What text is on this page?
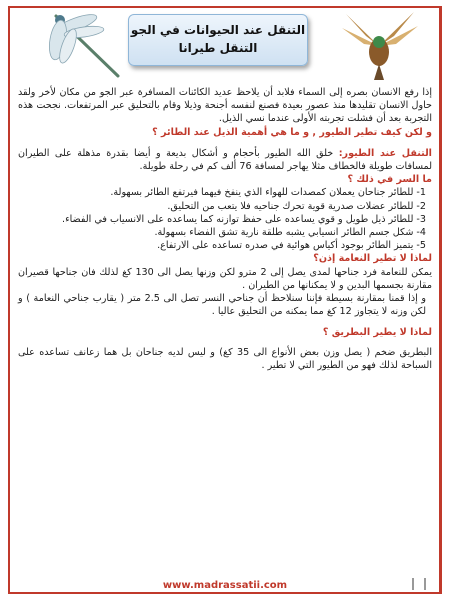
التنقل عند الحيوانات في الجو
التنقل طيرانا

إذا رفع الانسان بصره إلى السماء فلابد أن يلاحظ عديد الكائنات المسافرة عبر الجو من مكان لأخر ولقد حاول الانسان تقليدها منذ عصور بعيدة فصنع لنفسه أجنحة وذيلا وقام بالتحليق عبر المرتفعات. نجحت هذه التجربة بعد أن فشلت تجربته الأولى عندما نسي الذيل.

و لكن كيف تطير الطيور , و ما هي أهمية الذيل عند الطائر ؟

التنقل عند الطيور: خلق الله الطيور بأحجام و أشكال بديعة و أيضا بقدرة مذهلة على الطيران لمسافات طويلة فالخطاف مثلا يهاجر لمسافة 76 ألف كم في رحلة طويلة.

ما السر في ذلك ؟

1- للطائر جناحان يعملان كمصدات للهواء الذي ينفخ فيهما فيرتفع الطائر بسهولة.

2- للطائر عضلات صدرية قوية تحرك جناحيه فلا يتعب من التحليق.

3- للطائر ذيل طويل و قوي يساعده على حفظ توازنه كما يساعده على الانسياب في الفضاء.

4- شكل جسم الطائر انسيابي يشبه طلقة نارية تشق الفضاء بسهولة.

5- يتميز الطائر بوجود أكياس هوائية في صدره تساعده على الارتفاع.

لماذا لا تطير النعامة إذن؟

يمكن للنعامة فرد جناحها لمدى يصل إلى 2 مترو لكن وزنها يصل الى 130 كغ لذلك فان جناحها قصيران مقارنة بجسمها البدين و لا يمكنانها من الطيران .

و إذا قمنا بمقارنة بسيطة فإننا سنلاحظ أن جناحي النسر تصل الى 2.5 متر ( يقارب جناحي النعامة ) و لكن وزنه لا يتجاوز 12 كغ مما يمكنه من التحليق عاليا .

لماذا لا يطير البطريق ؟

البطريق ضخم ( يصل وزن بعض الأنواع الى 35 كغ) و ليس لديه جناحان بل هما زعانف تساعده على السباحة لذلك فهو من الطيور التي لا تطير .

www.madrassatii.com
